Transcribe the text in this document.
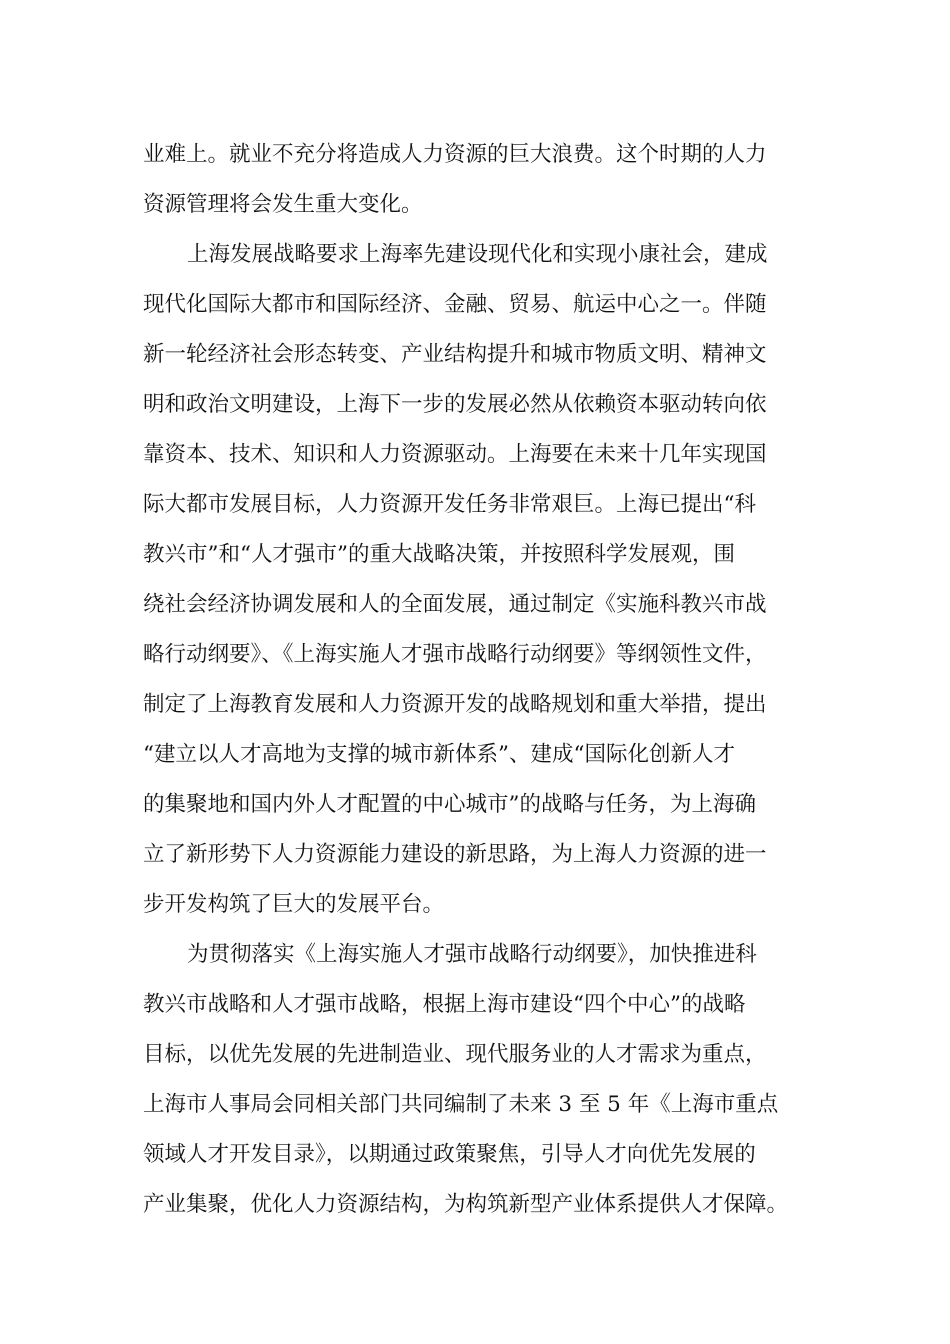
业难上。就业不充分将造成人力资源的巨大浪费。这个时期的人力
资源管理将会发生重大变化。
上海发展战略要求上海率先建设现代化和实现小康社会，建成
现代化国际大都市和国际经济、金融、贸易、航运中心之一。伴随
新一轮经济社会形态转变、产业结构提升和城市物质文明、精神文
明和政治文明建设，上海下一步的发展必然从依赖资本驱动转向依
靠资本、技术、知识和人力资源驱动。上海要在未来十几年实现国
际大都市发展目标，人力资源开发任务非常艰巨。上海已提出“科
教兴市”和“人才强市”的重大战略决策，并按照科学发展观，围
绕社会经济协调发展和人的全面发展，通过制定《实施科教兴市战
略行动纲要》、《上海实施人才强市战略行动纲要》等纲领性文件，
制定了上海教育发展和人力资源开发的战略规划和重大举措，提出
“建立以人才高地为支撑的城市新体系”、建成“国际化创新人才
的集聚地和国内外人才配置的中心城市”的战略与任务，为上海确
立了新形势下人力资源能力建设的新思路，为上海人力资源的进一
步开发构筑了巨大的发展平台。
为贯彻落实《上海实施人才强市战略行动纲要》，加快推进科
教兴市战略和人才强市战略，根据上海市建设“四个中心”的战略
目标，以优先发展的先进制造业、现代服务业的人才需求为重点，
上海市人事局会同相关部门共同编制了未来 3 至 5 年《上海市重点
领域人才开发目录》，以期通过政策聚焦，引导人才向优先发展的
产业集聚，优化人力资源结构，为构筑新型产业体系提供人才保障。
